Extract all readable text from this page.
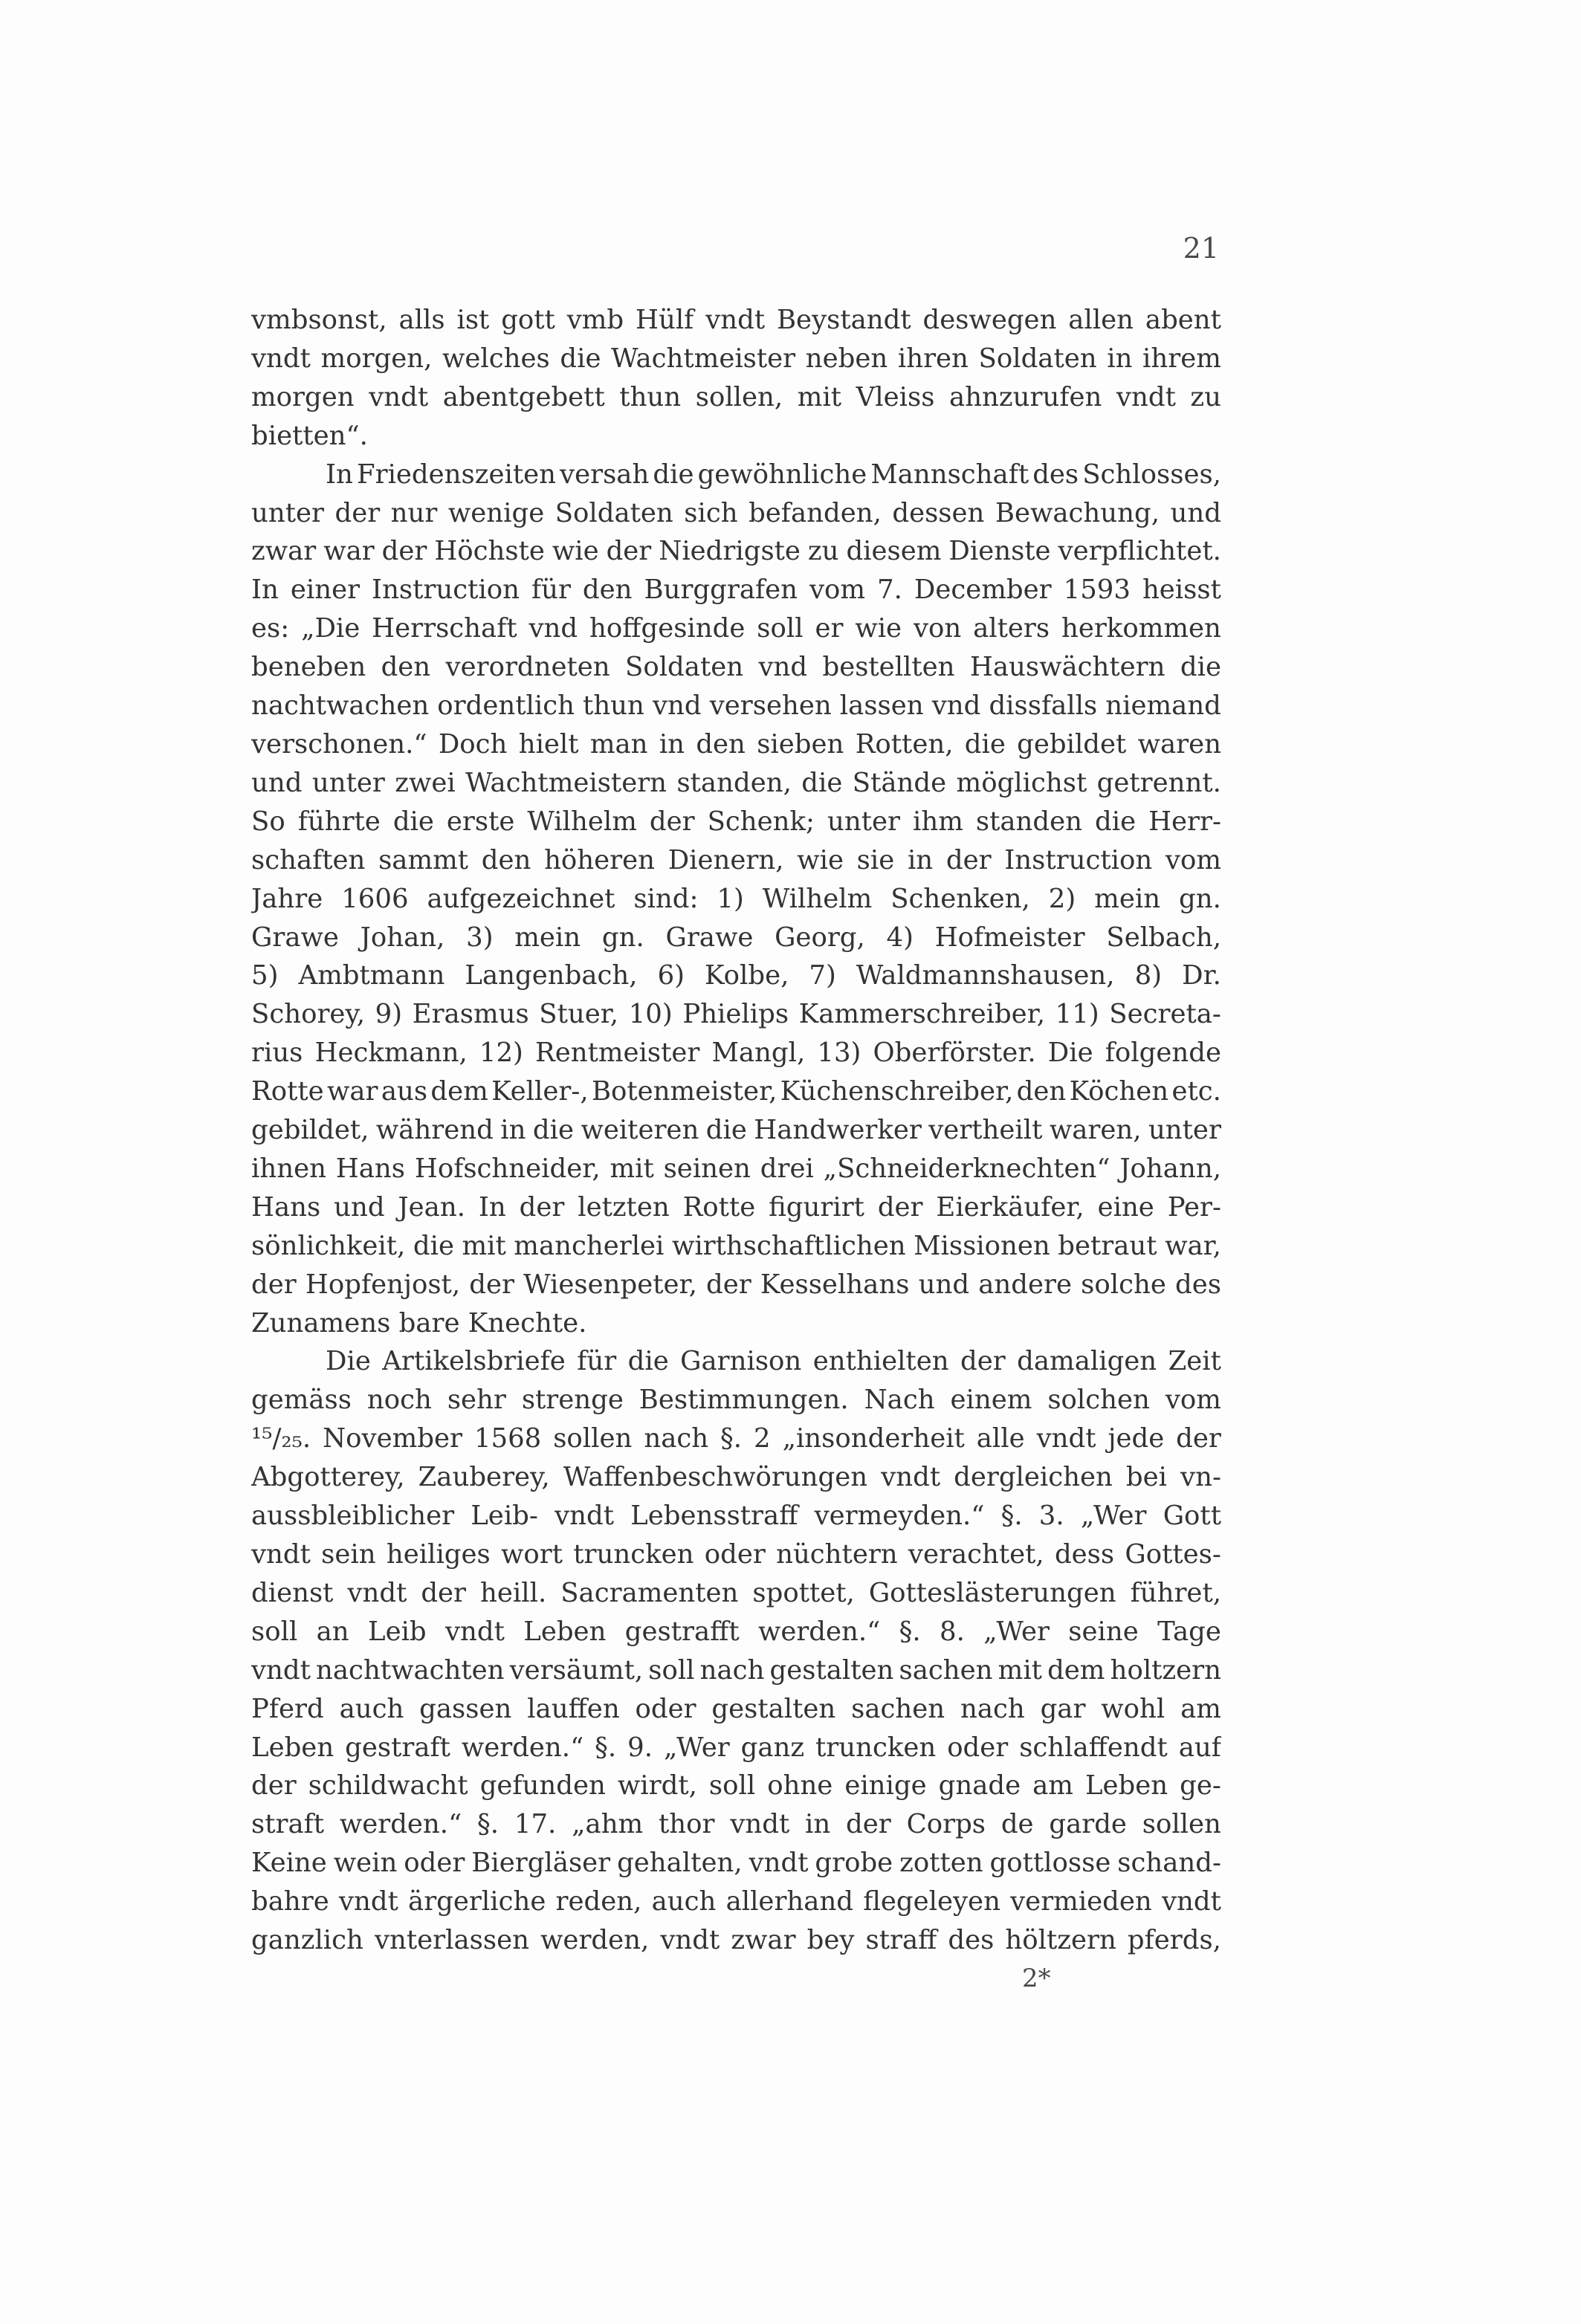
21
vmbsonst, alls ist gott vmb Hülf vndt Beystandt deswegen allen abent
vndt morgen, welches die Wachtmeister neben ihren Soldaten in ihrem
morgen vndt abentgebett thun sollen, mit Vleiss ahnzurufen vndt zu
bietten“.
In Friedenszeiten versah die gewöhnliche Mannschaft des Schlosses,
unter der nur wenige Soldaten sich befanden, dessen Bewachung, und
zwar war der Höchste wie der Niedrigste zu diesem Dienste verpflichtet.
In einer Instruction für den Burggrafen vom 7. December 1593 heisst
es: „Die Herrschaft vnd hoffgesinde soll er wie von alters herkommen
beneben den verordneten Soldaten vnd bestellten Hauswächtern die
nachtwachen ordentlich thun vnd versehen lassen vnd dissfalls niemand
verschonen.“ Doch hielt man in den sieben Rotten, die gebildet waren
und unter zwei Wachtmeistern standen, die Stände möglichst getrennt.
So führte die erste Wilhelm der Schenk; unter ihm standen die Herr-
schaften sammt den höheren Dienern, wie sie in der Instruction vom
Jahre 1606 aufgezeichnet sind: 1) Wilhelm Schenken, 2) mein gn.
Grawe Johan, 3) mein gn. Grawe Georg, 4) Hofmeister Selbach,
5) Ambtmann Langenbach, 6) Kolbe, 7) Waldmannshausen, 8) Dr.
Schorey, 9) Erasmus Stuer, 10) Phielips Kammerschreiber, 11) Secreta-
rius Heckmann, 12) Rentmeister Mangl, 13) Oberförster. Die folgende
Rotte war aus dem Keller-, Botenmeister, Küchenschreiber, den Köchen etc.
gebildet, während in die weiteren die Handwerker vertheilt waren, unter
ihnen Hans Hofschneider, mit seinen drei „Schneiderknechten“ Johann,
Hans und Jean. In der letzten Rotte figurirt der Eierkäufer, eine Per-
sönlichkeit, die mit mancherlei wirthschaftlichen Missionen betraut war,
der Hopfenjost, der Wiesenpeter, der Kesselhans und andere solche des
Zunamens bare Knechte.
Die Artikelsbriefe für die Garnison enthielten der damaligen Zeit
gemäss noch sehr strenge Bestimmungen. Nach einem solchen vom
¹⁵/₂₅. November 1568 sollen nach §. 2 „insonderheit alle vndt jede der
Abgotterey, Zauberey, Waffenbeschwörungen vndt dergleichen bei vn-
aussbleiblicher Leib- vndt Lebensstraff vermeyden.“ §. 3. „Wer Gott
vndt sein heiliges wort truncken oder nüchtern verachtet, dess Gottes-
dienst vndt der heill. Sacramenten spottet, Gotteslästerungen führet,
soll an Leib vndt Leben gestrafft werden.“ §. 8. „Wer seine Tage
vndt nachtwachten versäumt, soll nach gestalten sachen mit dem holtzern
Pferd auch gassen lauffen oder gestalten sachen nach gar wohl am
Leben gestraft werden.“ §. 9. „Wer ganz truncken oder schlaffendt auf
der schildwacht gefunden wirdt, soll ohne einige gnade am Leben ge-
straft werden.“ §. 17. „ahm thor vndt in der Corps de garde sollen
Keine wein oder Biergläser gehalten, vndt grobe zotten gottlosse schand-
bahre vndt ärgerliche reden, auch allerhand flegeleyen vermieden vndt
ganzlich vnterlassen werden, vndt zwar bey straff des höltzern pferds,
2*
